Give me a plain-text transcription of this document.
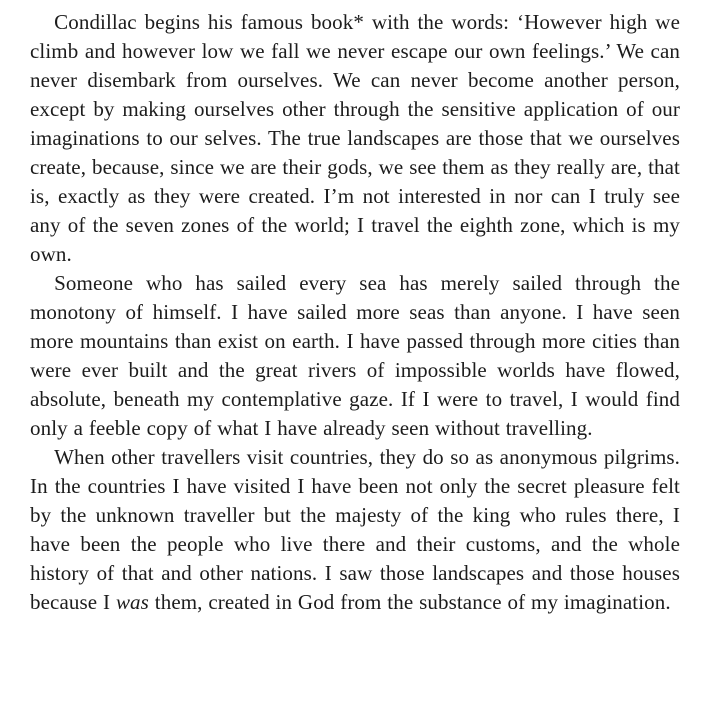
Condillac begins his famous book* with the words: ‘However high we climb and however low we fall we never escape our own feelings.’ We can never disembark from ourselves. We can never become another person, except by making ourselves other through the sensitive application of our imaginations to our selves. The true landscapes are those that we ourselves create, because, since we are their gods, we see them as they really are, that is, exactly as they were created. I’m not interested in nor can I truly see any of the seven zones of the world; I travel the eighth zone, which is my own.

Someone who has sailed every sea has merely sailed through the monotony of himself. I have sailed more seas than anyone. I have seen more mountains than exist on earth. I have passed through more cities than were ever built and the great rivers of impossible worlds have flowed, absolute, beneath my contemplative gaze. If I were to travel, I would find only a feeble copy of what I have already seen without travelling.

When other travellers visit countries, they do so as anonymous pilgrims. In the countries I have visited I have been not only the secret pleasure felt by the unknown traveller but the majesty of the king who rules there, I have been the people who live there and their customs, and the whole history of that and other nations. I saw those landscapes and those houses because I was them, created in God from the substance of my imagination.
